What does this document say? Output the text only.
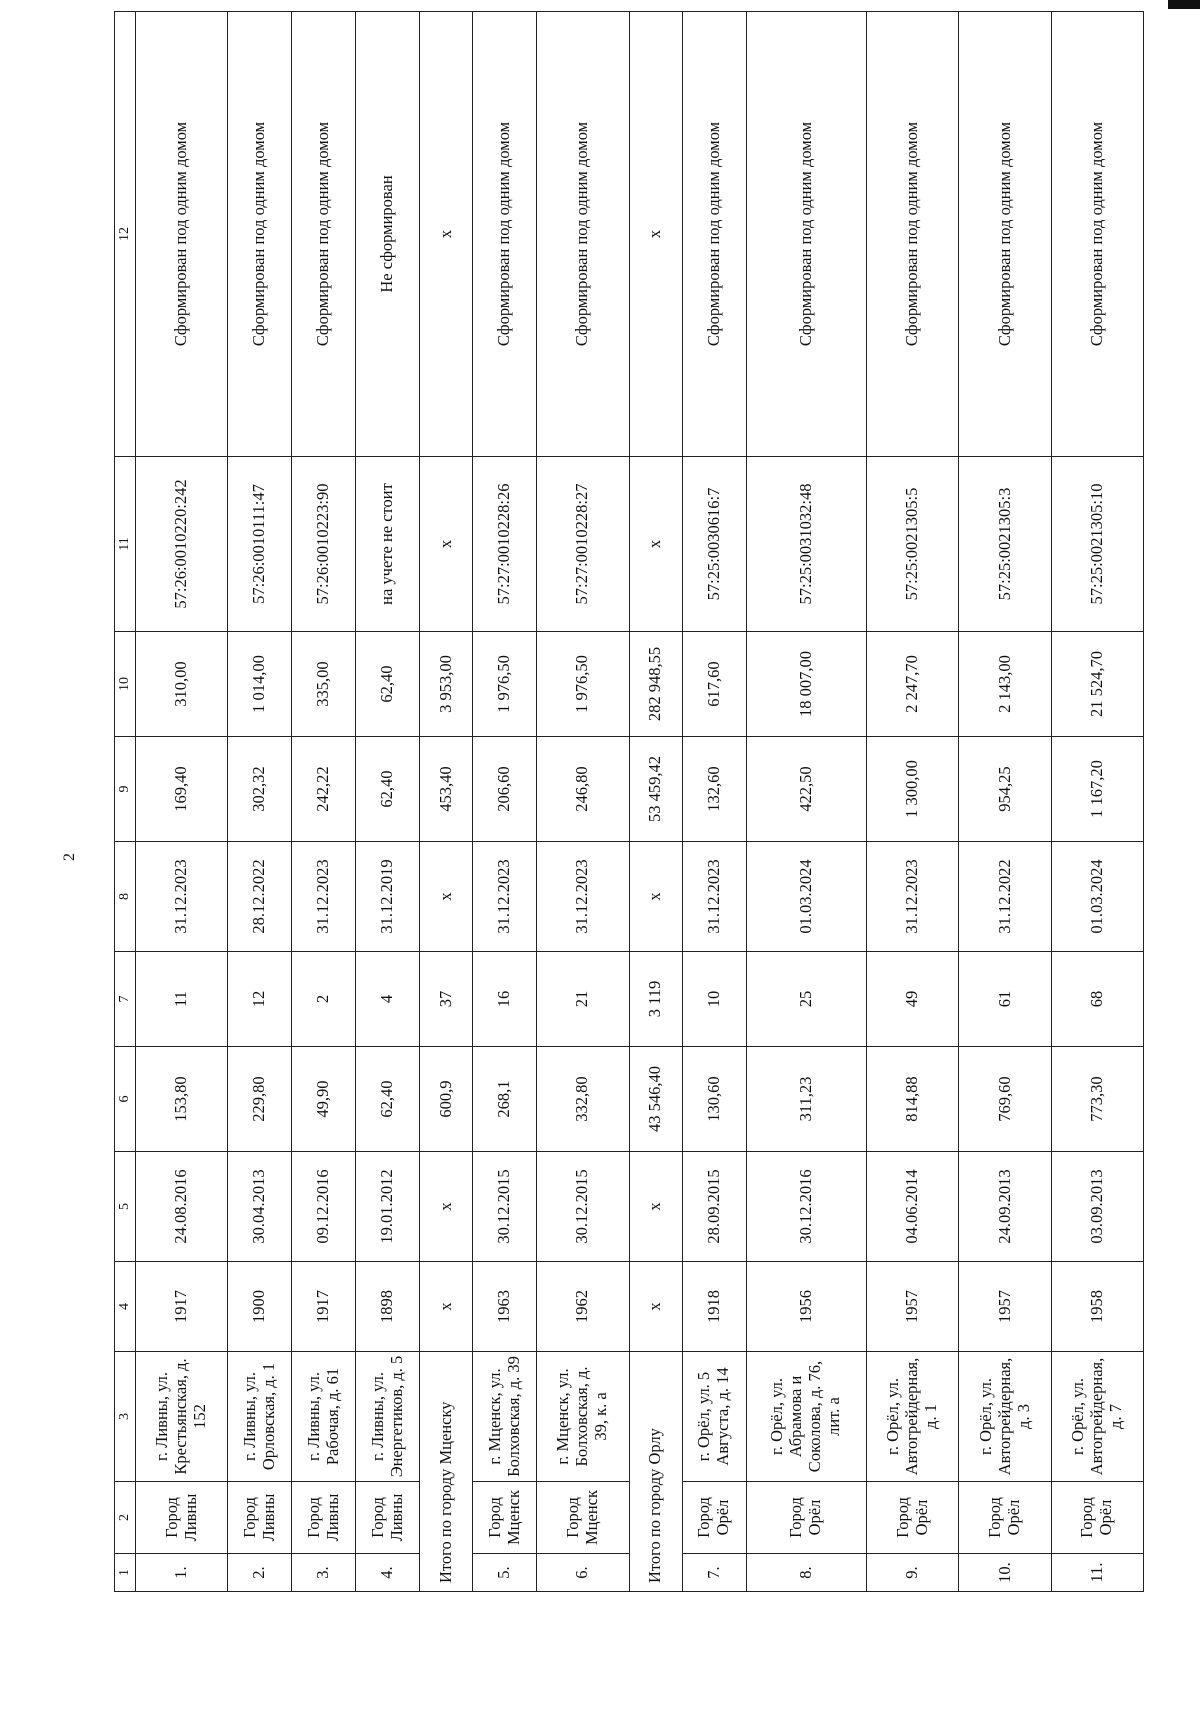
2
1	2	3	4	5	6	7	8	9	10	11	12
1.	Город Ливны	г. Ливны, ул. Крестьянская, д. 152	1917	24.08.2016	153,80	11	31.12.2023	169,40	310,00	57:26:0010220:242	Сформирован под одним домом
2.	Город Ливны	г. Ливны, ул. Орловская, д. 1	1900	30.04.2013	229,80	12	28.12.2022	302,32	1 014,00	57:26:0010111:47	Сформирован под одним домом
3.	Город Ливны	г. Ливны, ул. Рабочая, д. 61	1917	09.12.2016	49,90	2	31.12.2023	242,22	335,00	57:26:0010223:90	Сформирован под одним домом
4.	Город Ливны	г. Ливны, ул. Энергетиков, д. 5	1898	19.01.2012	62,40	4	31.12.2019	62,40	62,40	на учете не стоит	Не сформирован
Итого по городу Мценску			x	x	600,9	37	x	453,40	3 953,00	x	x
5.	Город Мценск	г. Мценск, ул. Болховская, д. 39	1963	30.12.2015	268,1	16	31.12.2023	206,60	1 976,50	57:27:0010228:26	Сформирован под одним домом
6.	Город Мценск	г. Мценск, ул. Болховская, д. 39, к. а	1962	30.12.2015	332,80	21	31.12.2023	246,80	1 976,50	57:27:0010228:27	Сформирован под одним домом
Итого по городу Орлу			x	x	43 546,40	3 119	x	53 459,42	282 948,55	x	x
7.	Город Орёл	г. Орёл, ул. 5 Августа, д. 14	1918	28.09.2015	130,60	10	31.12.2023	132,60	617,60	57:25:0030616:7	Сформирован под одним домом
8.	Город Орёл	г. Орёл, ул. Абрамова и Соколова, д. 76, лит. а	1956	30.12.2016	311,23	25	01.03.2024	422,50	18 007,00	57:25:0031032:48	Сформирован под одним домом
9.	Город Орёл	г. Орёл, ул. Автогрейдерная, д. 1	1957	04.06.2014	814,88	49	31.12.2023	1 300,00	2 247,70	57:25:0021305:5	Сформирован под одним домом
10.	Город Орёл	г. Орёл, ул. Автогрейдерная, д. 3	1957	24.09.2013	769,60	61	31.12.2022	954,25	2 143,00	57:25:0021305:3	Сформирован под одним домом
11.	Город Орёл	г. Орёл, ул. Автогрейдерная, д. 7	1958	03.09.2013	773,30	68	01.03.2024	1 167,20	21 524,70	57:25:0021305:10	Сформирован под одним домом
